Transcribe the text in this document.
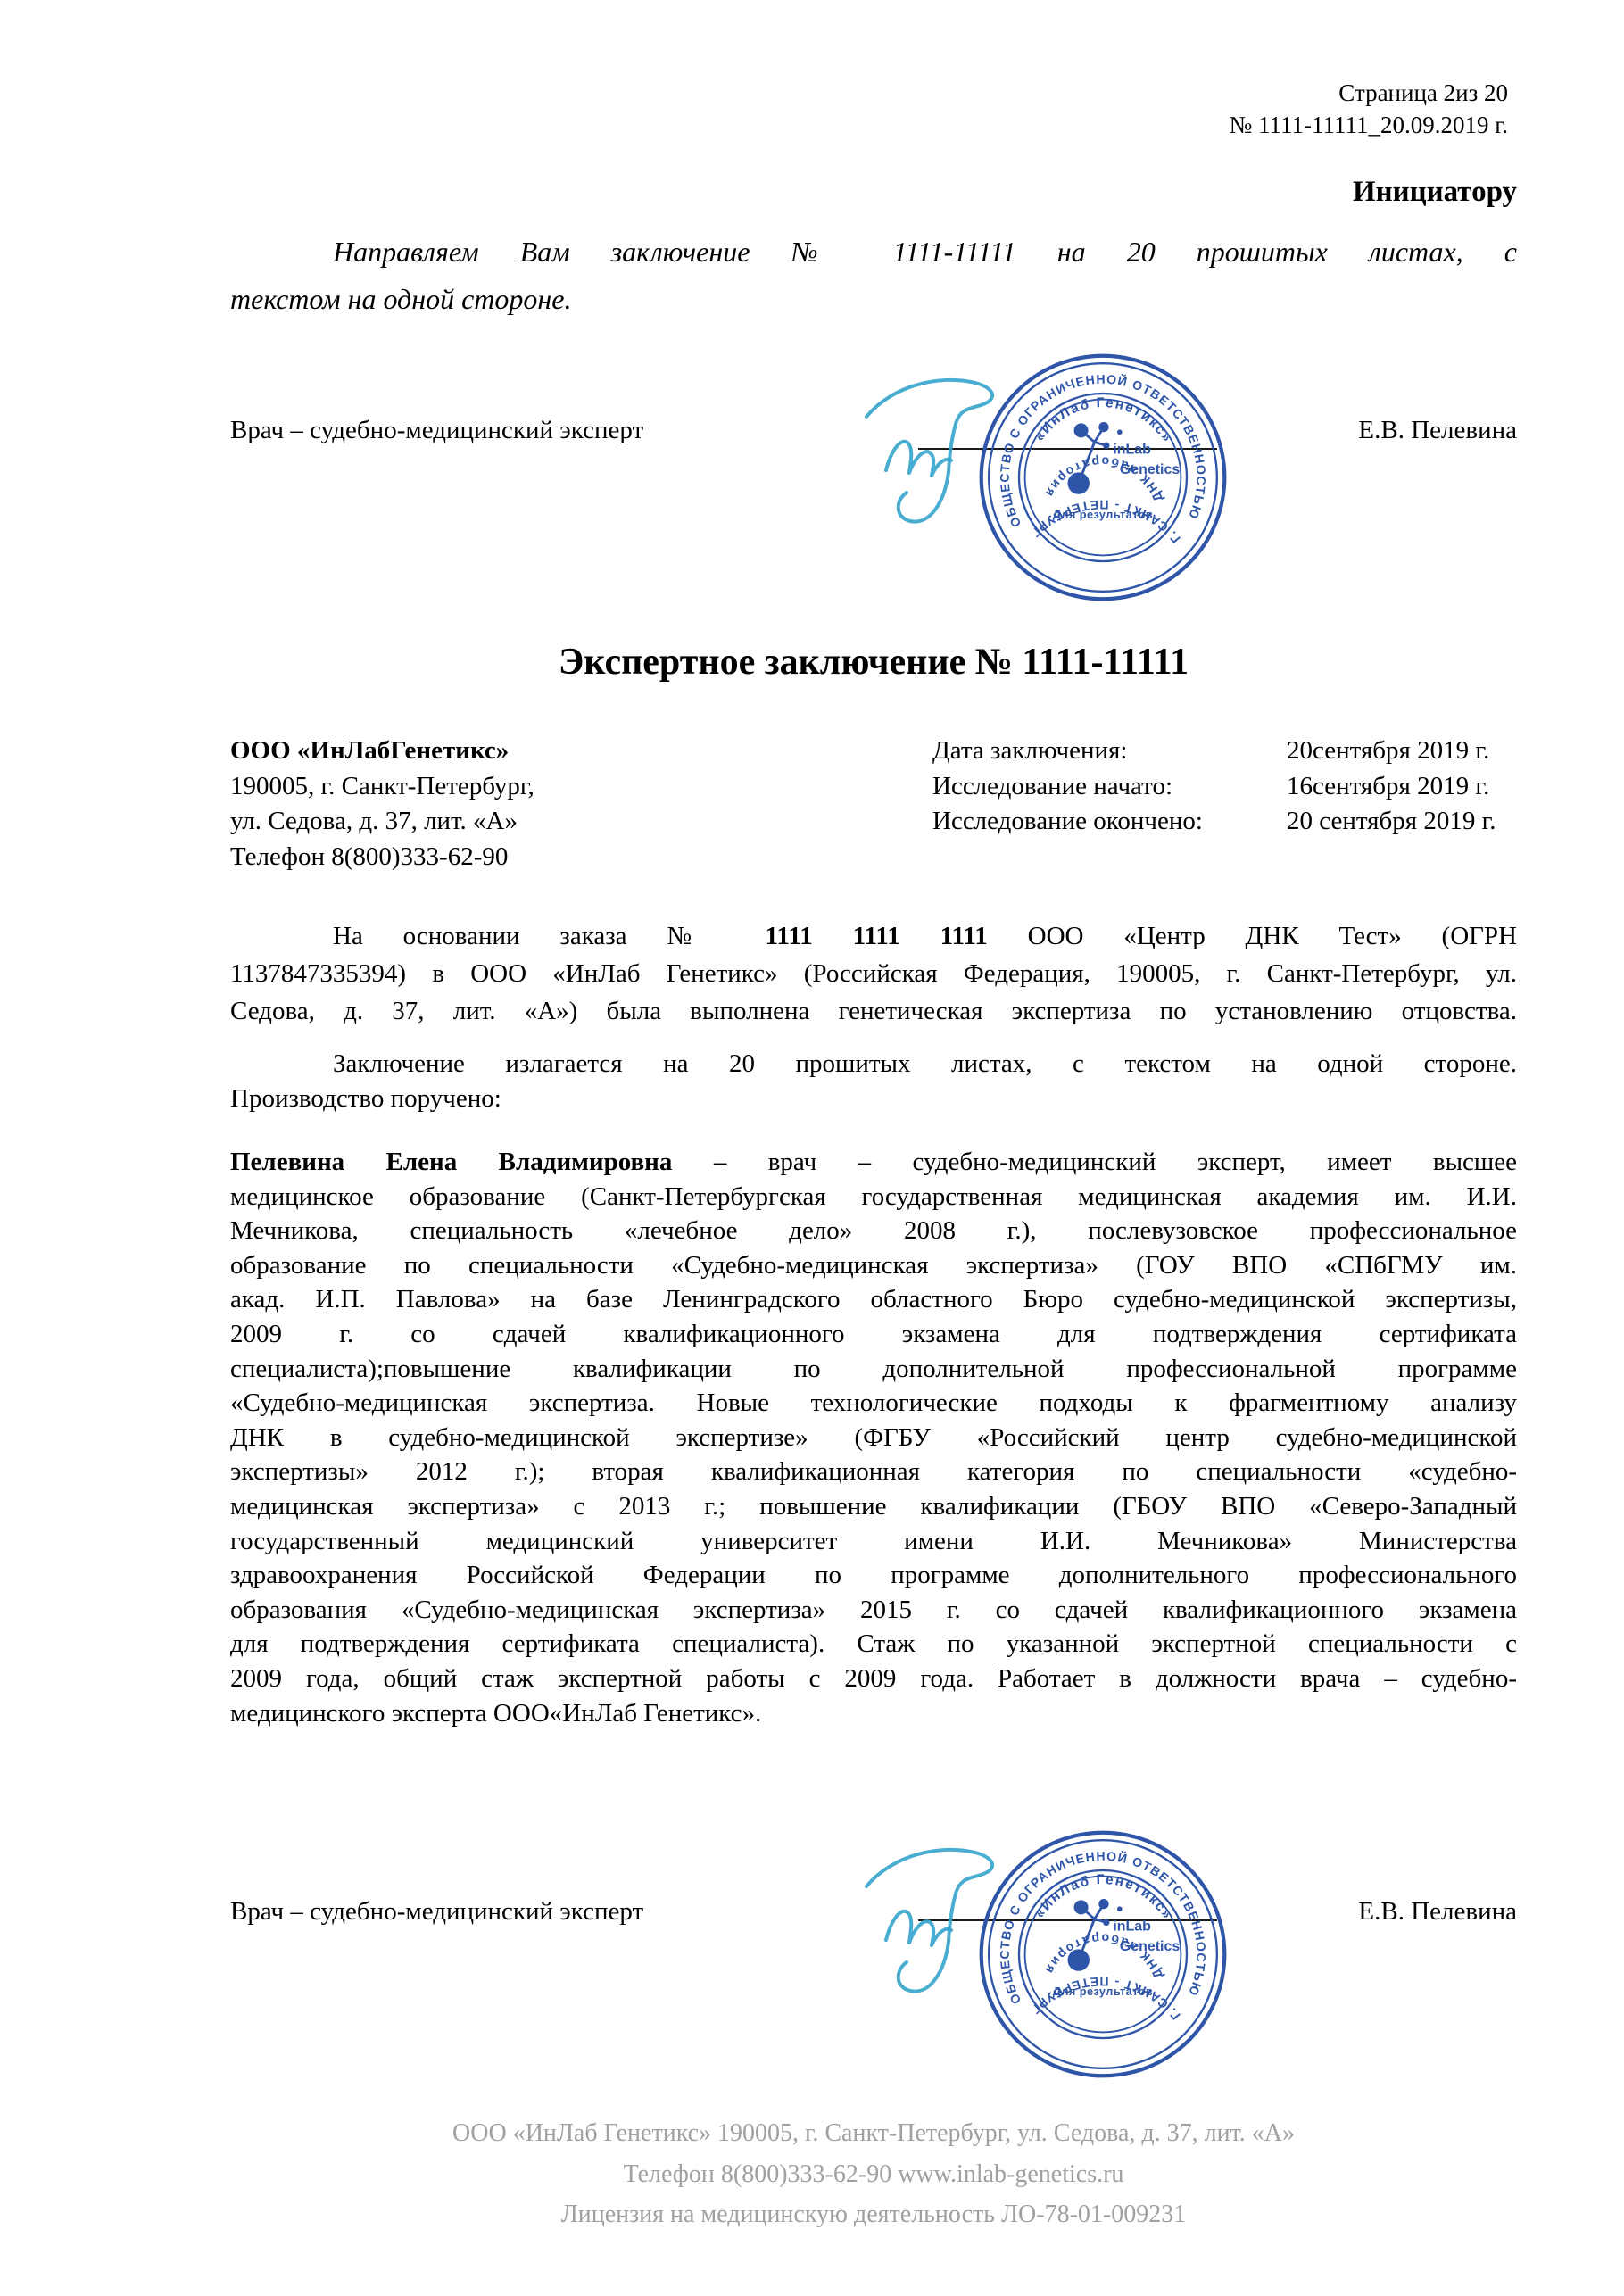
Страница 2из 20
№ 1111-11111_20.09.2019 г.
Инициатору
Направляем Вам заключение № 1111-11111 на 20 прошитых листах, с
текстом на одной стороне.
Врач – судебно-медицинский эксперт	Е.В. Пелевина
Экспертное заключение № 1111-11111
ООО «ИнЛабГенетикс»
190005, г. Санкт-Петербург,
ул. Седова, д. 37, лит. «А»
Телефон 8(800)333-62-90
Дата заключения:
Исследование начато:
Исследование окончено:
20сентября 2019 г.
16сентября 2019 г.
20 сентября 2019 г.
На основании заказа № 1111 1111 1111 ООО «Центр ДНК Тест» (ОГРН
1137847335394) в ООО «ИнЛаб Генетикс» (Российская Федерация, 190005, г. Санкт-Петербург, ул.
Седова, д. 37, лит. «А») была выполнена генетическая экспертиза по установлению отцовства.
Заключение излагается на 20 прошитых листах, с текстом на одной стороне.
Производство поручено:
Пелевина Елена Владимировна – врач – судебно-медицинский эксперт, имеет высшее
медицинское образование (Санкт-Петербургская государственная медицинская академия им. И.И.
Мечникова, специальность «лечебное дело» 2008 г.), послевузовское профессиональное
образование по специальности «Судебно-медицинская экспертиза» (ГОУ ВПО «СПбГМУ им.
акад. И.П. Павлова» на базе Ленинградского областного Бюро судебно-медицинской экспертизы,
2009 г. со сдачей квалификационного экзамена для подтверждения сертификата
специалиста);повышение квалификации по дополнительной профессиональной программе
«Судебно-медицинская экспертиза. Новые технологические подходы к фрагментному анализу
ДНК в судебно-медицинской экспертизе» (ФГБУ «Российский центр судебно-медицинской
экспертизы» 2012 г.); вторая квалификационная категория по специальности «судебно-
медицинская экспертиза» с 2013 г.; повышение квалификации (ГБОУ ВПО «Северо-Западный
государственный медицинский университет имени И.И. Мечникова» Министерства
здравоохранения Российской Федерации по программе дополнительного профессионального
образования «Судебно-медицинская экспертиза» 2015 г. со сдачей квалификационного экзамена
для подтверждения сертификата специалиста). Стаж по указанной экспертной специальности с
2009 года, общий стаж экспертной работы с 2009 года. Работает в должности врача – судебно-
медицинского эксперта ООО«ИнЛаб Генетикс».
Врач – судебно-медицинский эксперт	Е.В. Пелевина
ООО «ИнЛаб Генетикс» 190005, г. Санкт-Петербург, ул. Седова, д. 37, лит. «А»
Телефон 8(800)333-62-90 www.inlab-genetics.ru
Лицензия на медицинскую деятельность ЛО-78-01-009231
